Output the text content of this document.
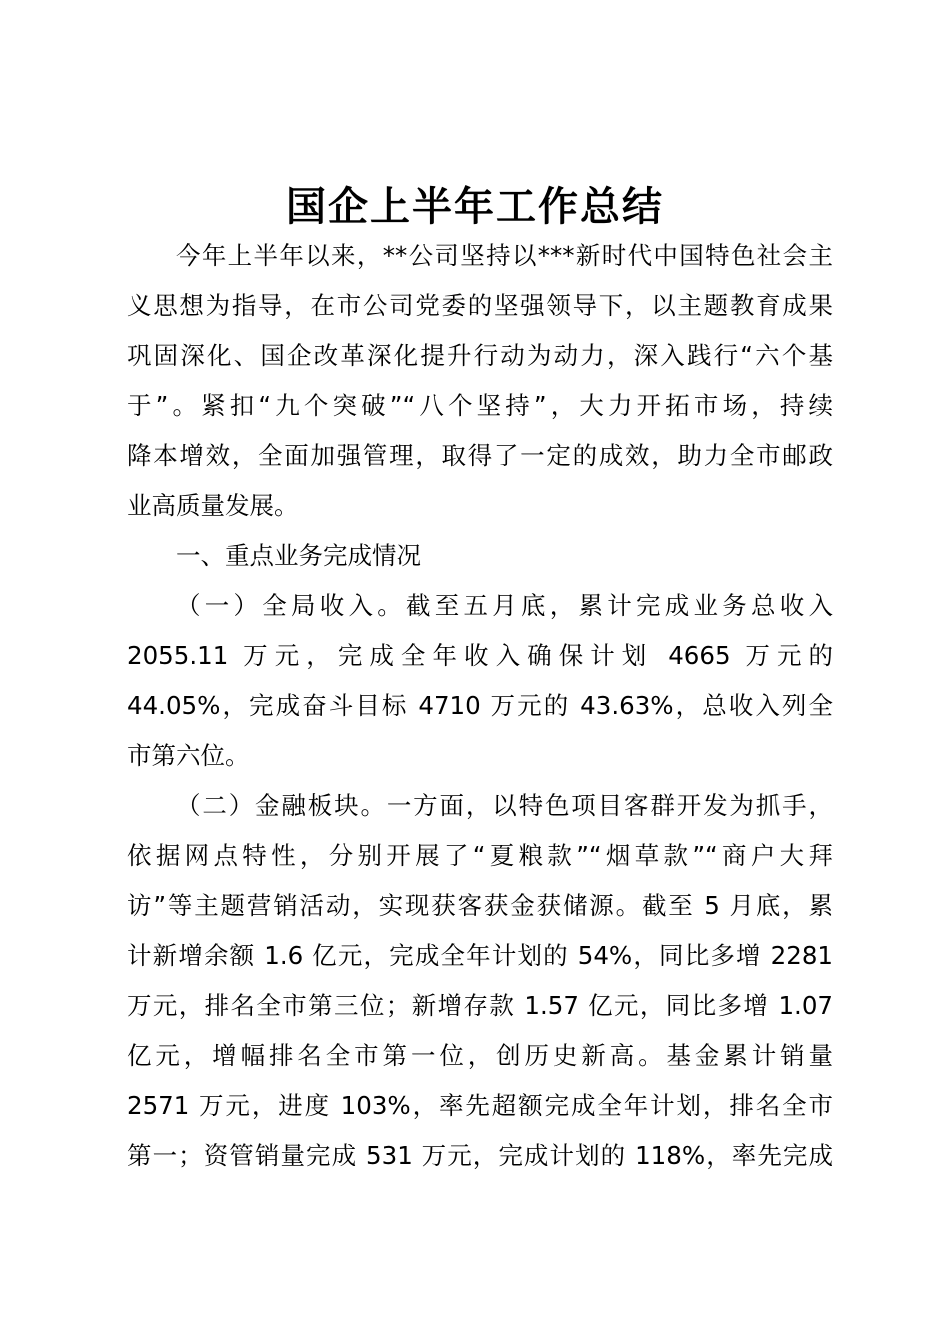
国企上半年工作总结

今年上半年以来，**公司坚持以***新时代中国特色社会主

义思想为指导，在市公司党委的坚强领导下，以主题教育成果

巩固深化、国企改革深化提升行动为动力，深入践行“六个基

于”。紧扣“九个突破”“八个坚持”，大力开拓市场，持续

降本增效，全面加强管理，取得了一定的成效，助力全市邮政

业高质量发展。

一、重点业务完成情况

（一）全局收入。截至五月底，累计完成业务总收入

2055.11 万元，完成全年收入确保计划 4665 万元的

44.05%，完成奋斗目标 4710 万元的 43.63%，总收入列全

市第六位。

（二）金融板块。一方面，以特色项目客群开发为抓手，

依据网点特性，分别开展了“夏粮款”“烟草款”“商户大拜

访”等主题营销活动，实现获客获金获储源。截至 5 月底，累

计新增余额 1.6 亿元，完成全年计划的 54%，同比多增 2281

万元，排名全市第三位；新增存款 1.57 亿元，同比多增 1.07

亿元，增幅排名全市第一位，创历史新高。基金累计销量

2571 万元，进度 103%，率先超额完成全年计划，排名全市

第一；资管销量完成 531 万元，完成计划的 118%，率先完成
